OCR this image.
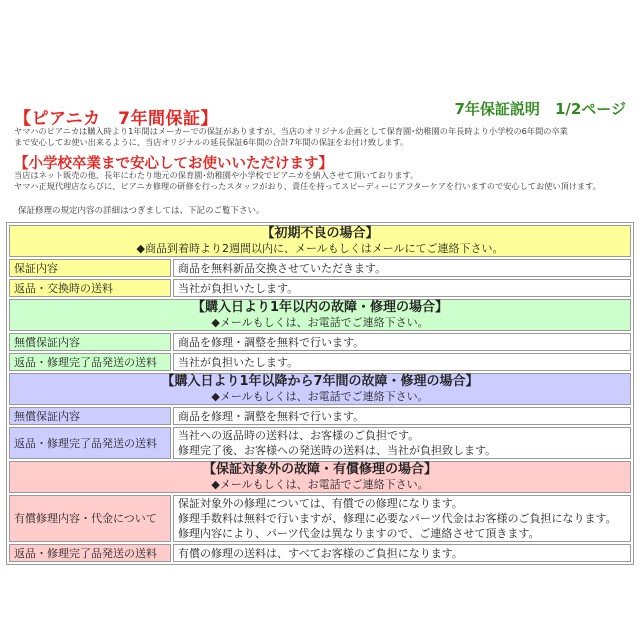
【ピアニカ　7年間保証】	7年保証説明　1/2ページ
ヤマハのピアニカは購入時より1年間はメーカーでの保証がありますが、当店のオリジナル企画として保育園･幼稚園の年長時より小学校の6年間の卒業
まで安心してお使い出来るように、当店オリジナルの延長保証6年間の合計7年間の保証をお付け致します。
【小学校卒業まで安心してお使いいただけます】
当店はネット販売の他、長年にわたり地元の保育園･幼稚園や小学校でピアニカを納入させて頂いております。
ヤマハ正規代理店ならびに、ピアニカ修理の研修を行ったスタッフがおり、責任を持ってスピーディーにアフターケアを行いますので安心してお使い頂けます。
保証修理の規定内容の詳細はつぎましては、下記のご覧下さい。
【初期不良の場合】
◆商品到着時より2週間以内に、メールもしくはメールにてご連絡下さい。	

保証内容	商品を無料新品交換させていただきます。
返品・交換時の送料	当社が負担いたします。

【購入日より1年以内の故障・修理の場合】
◆メールもしくは、お電話でご連絡下さい。	

無償保証内容	商品を修理・調整を無料で行います。
返品・修理完了品発送の送料	当社が負担いたします。

【購入日より1年以降から7年間の故障・修理の場合】
◆メールもしくは、お電話でご連絡下さい。	

無償保証内容	商品を修理・調整を無料で行います。
返品・修理完了品発送の送料	当社への返品時の送料は、お客様のご負担です。
修理完了後、お客様への発送時の送料は、当社が負担致します。

【保証対象外の故障・有償修理の場合】
◆メールもしくは、お電話でご連絡下さい。	

有償修理内容・代金について	保証対象外の修理については、有償での修理になります。
修理手数料は無料で行いますが、修理に必要なパーツ代金はお客様のご負担になります。
修理内容により、パーツ代金は異なりますので、ご連絡させて頂きます。

返品・修理完了品発送の送料	有償の修理の送料は、すべてお客様のご負担になります。
